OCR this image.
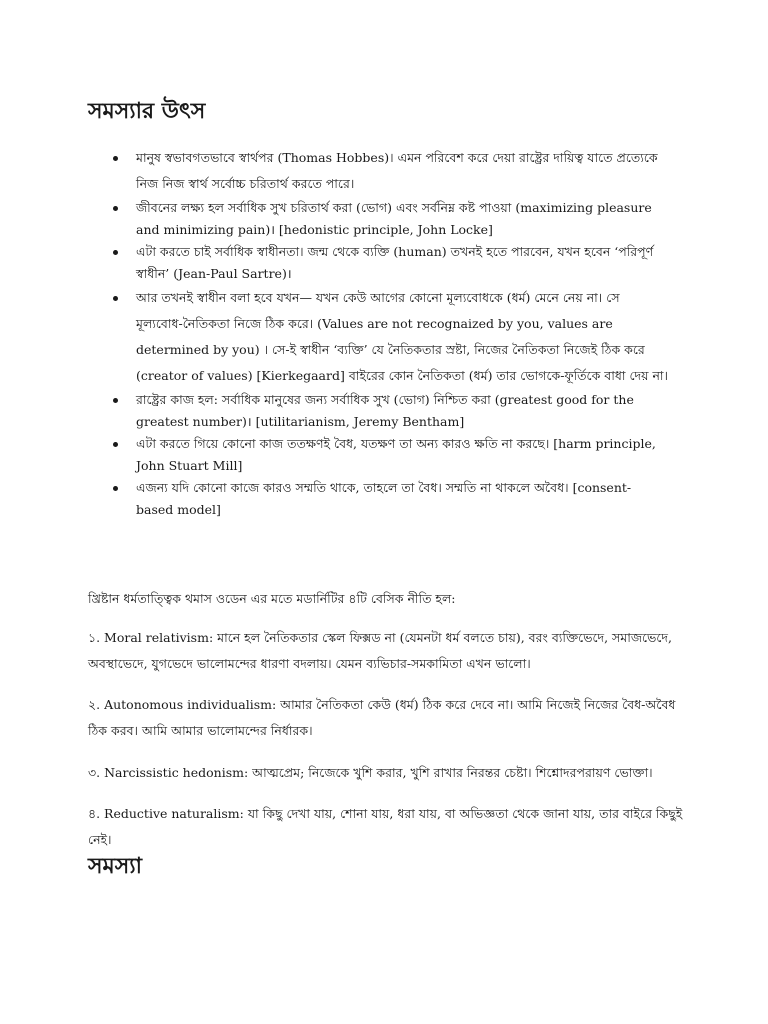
সমস্যার উৎস
মানুষ স্বভাবগতভাবে স্বার্থপর (Thomas Hobbes)। এমন পরিবেশ করে দেয়া রাষ্ট্রের দায়িত্ব যাতে প্রত্যেকে নিজ নিজ স্বার্থ সর্বোচ্চ চরিতার্থ করতে পারে।
জীবনের লক্ষ্য হল সর্বাধিক সুখ চরিতার্থ করা (ভোগ) এবং সর্বনিম্ন কষ্ট পাওয়া (maximizing pleasure and minimizing pain)। [hedonistic principle, John Locke]
এটা করতে চাই সর্বাধিক স্বাধীনতা। জন্ম থেকে ব্যক্তি (human) তখনই হতে পারবেন, যখন হবেন ‘পরিপূর্ণ স্বাধীন’ (Jean-Paul Sartre)।
আর তখনই স্বাধীন বলা হবে যখন— যখন কেউ আগের কোনো মূল্যবোধকে (ধর্ম) মেনে নেয় না। সে মূল্যবোধ-নৈতিকতা নিজে ঠিক করে। (Values are not recognaized by you, values are determined by you) । সে-ই স্বাধীন ‘ব্যক্তি’ যে নৈতিকতার স্রষ্টা, নিজের নৈতিকতা নিজেই ঠিক করে (creator of values) [Kierkegaard] বাইরের কোন নৈতিকতা (ধর্ম) তার ভোগকে-ফূর্তিকে বাধা দেয় না।
রাষ্ট্রের কাজ হল: সর্বাধিক মানুষের জন্য সর্বাধিক সুখ (ভোগ) নিশ্চিত করা (greatest good for the greatest number)। [utilitarianism, Jeremy Bentham]
এটা করতে গিয়ে কোনো কাজ ততক্ষণই বৈধ, যতক্ষণ তা অন্য কারও ক্ষতি না করছে। [harm principle, John Stuart Mill]
এজন্য যদি কোনো কাজে কারও সম্মতি থাকে, তাহলে তা বৈধ। সম্মতি না থাকলে অবৈধ। [consent-based model]

খ্রিষ্টান ধর্মতাত্ত্বিক থমাস ওডেন এর মতে মডার্নিটির ৪টি বেসিক নীতি হল:

১. Moral relativism: মানে হল নৈতিকতার স্কেল ফিক্সড না (যেমনটা ধর্ম বলতে চায়), বরং ব্যক্তিভেদে, সমাজভেদে, অবস্থাভেদে, যুগভেদে ভালোমন্দের ধারণা বদলায়। যেমন ব্যভিচার-সমকামিতা এখন ভালো।

২. Autonomous individualism: আমার নৈতিকতা কেউ (ধর্ম) ঠিক করে দেবে না। আমি নিজেই নিজের বৈধ-অবৈধ ঠিক করব। আমি আমার ভালোমন্দের নির্ধারক।

৩. Narcissistic hedonism: আত্মপ্রেম; নিজেকে খুশি করার, খুশি রাখার নিরন্তর চেষ্টা। শিশ্নোদরপরায়ণ ভোক্তা।

৪. Reductive naturalism: যা কিছু দেখা যায়, শোনা যায়, ধরা যায়, বা অভিজ্ঞতা থেকে জানা যায়, তার বাইরে কিছুই নেই।

সমস্যা
